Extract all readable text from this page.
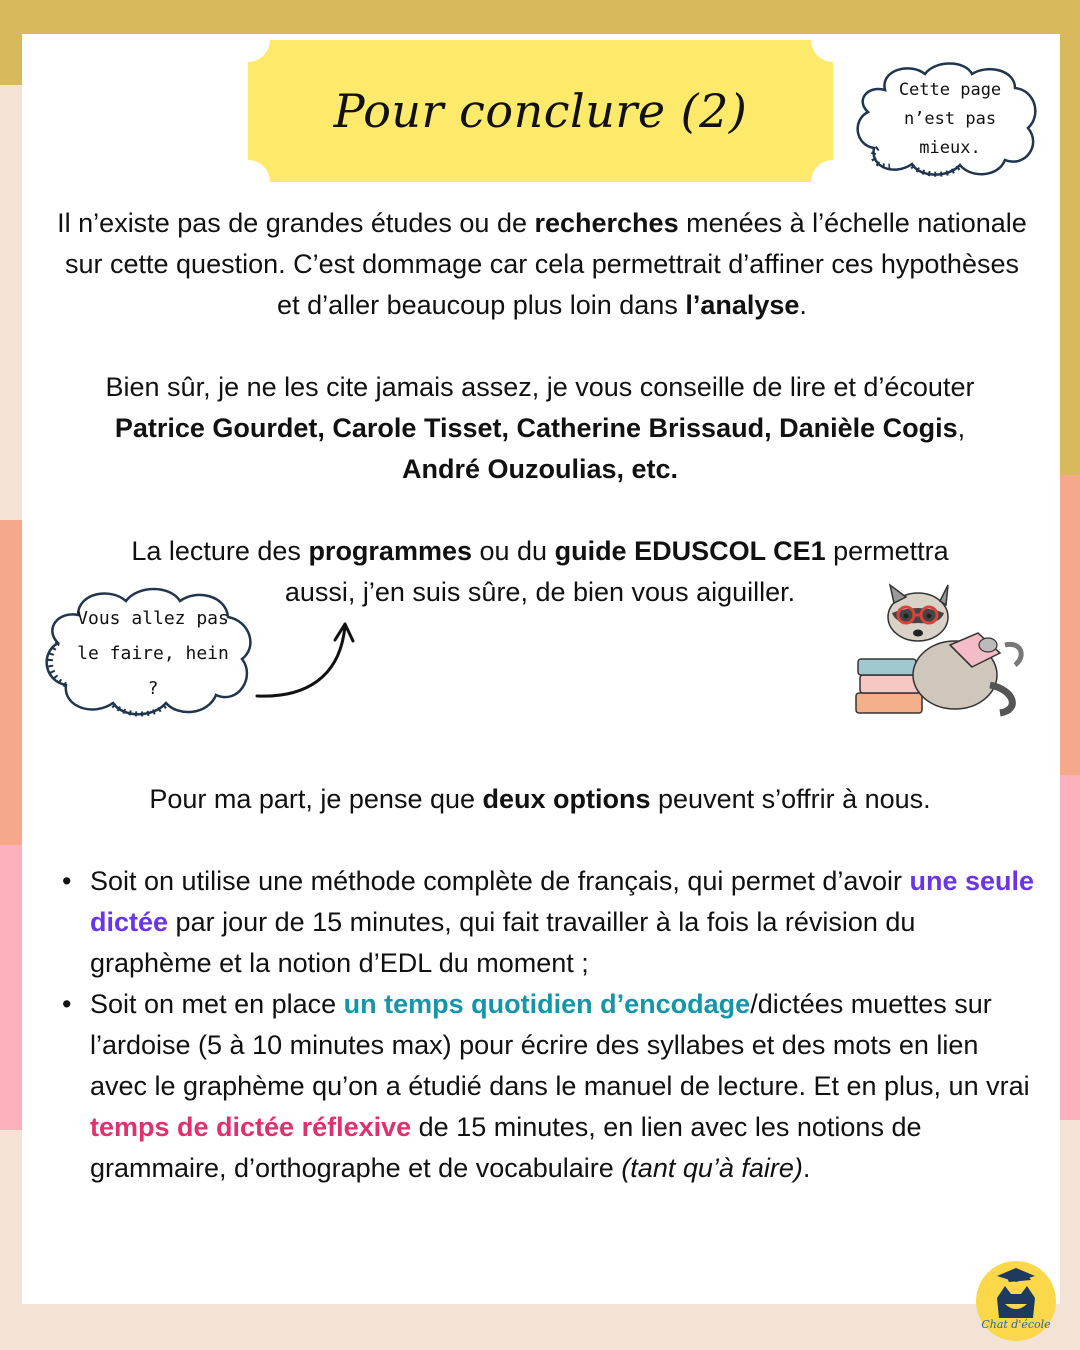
Pour conclure (2)	Cette page
n’est pas
mieux.
Il n’existe pas de grandes études ou de recherches menées à l’échelle nationale sur cette question. C’est dommage car cela permettrait d’affiner ces hypothèses et d’aller beaucoup plus loin dans l’analyse.
Bien sûr, je ne les cite jamais assez, je vous conseille de lire et d’écouter
Patrice Gourdet, Carole Tisset, Catherine Brissaud, Danièle Cogis,
André Ouzoulias, etc.
La lecture des programmes ou du guide EDUSCOL CE1 permettra
aussi, j’en suis sûre, de bien vous aiguiller.
Vous allez pas
le faire, hein ?
Pour ma part, je pense que deux options peuvent s’offrir à nous.
• Soit on utilise une méthode complète de français, qui permet d’avoir une seule dictée par jour de 15 minutes, qui fait travailler à la fois la révision du graphème et la notion d’EDL du moment ;
• Soit on met en place un temps quotidien d’encodage/dictées muettes sur l’ardoise (5 à 10 minutes max) pour écrire des syllabes et des mots en lien avec le graphème qu’on a étudié dans le manuel de lecture. Et en plus, un vrai temps de dictée réflexive de 15 minutes, en lien avec les notions de grammaire, d’orthographe et de vocabulaire (tant qu’à faire).
Chat d'école
